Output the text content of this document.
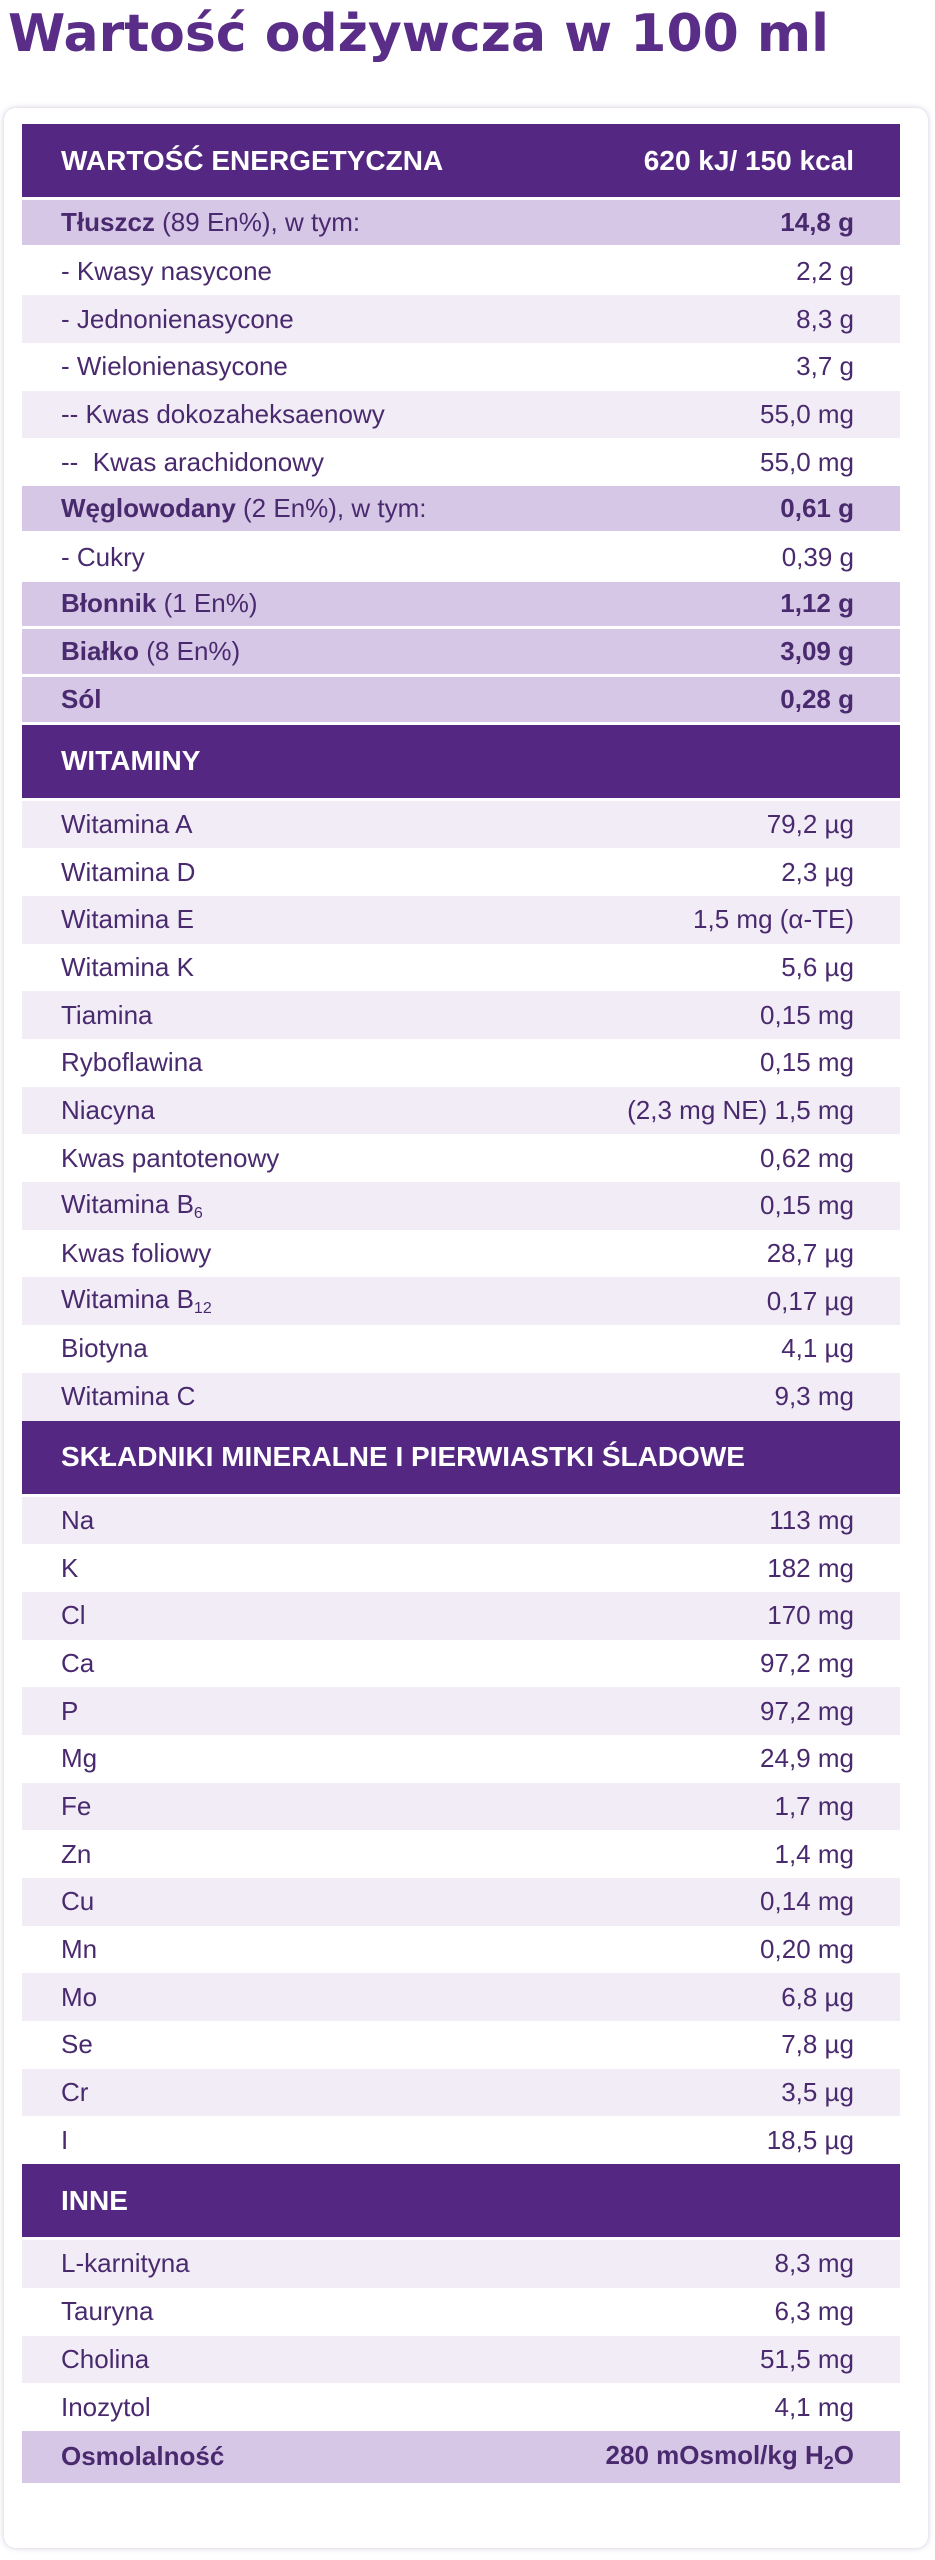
Wartość odżywcza w 100 ml
WARTOŚĆ ENERGETYCZNA	620 kJ/ 150 kcal
Tłuszcz (89 En%), w tym:	14,8 g
- Kwasy nasycone	2,2 g
- Jednonienasycone	8,3 g
- Wielonienasycone	3,7 g
-- Kwas dokozaheksaenowy	55,0 mg
--  Kwas arachidonowy	55,0 mg
Węglowodany (2 En%), w tym:	0,61 g
- Cukry	0,39 g
Błonnik (1 En%)	1,12 g
Białko (8 En%)	3,09 g
Sól	0,28 g
WITAMINY
Witamina A	79,2 µg
Witamina D	2,3 µg
Witamina E	1,5 mg (α-TE)
Witamina K	5,6 µg
Tiamina	0,15 mg
Ryboflawina	0,15 mg
Niacyna	(2,3 mg NE) 1,5 mg
Kwas pantotenowy	0,62 mg
Witamina $B_6$	0,15 mg
Kwas foliowy	28,7 µg
Witamina $B_{12}$	0,17 µg
Biotyna	4,1 µg
Witamina C	9,3 mg
SKŁADNIKI MINERALNE I PIERWIASTKI ŚLADOWE
Na	113 mg
K	182 mg
Cl	170 mg
Ca	97,2 mg
P	97,2 mg
Mg	24,9 mg
Fe	1,7 mg
Zn	1,4 mg
Cu	0,14 mg
Mn	0,20 mg
Mo	6,8 µg
Se	7,8 µg
Cr	3,5 µg
I	18,5 µg
INNE
L-karnityna	8,3 mg
Tauryna	6,3 mg
Cholina	51,5 mg
Inozytol	4,1 mg
Osmolalność	280 mOsmol/kg $H_2O$
